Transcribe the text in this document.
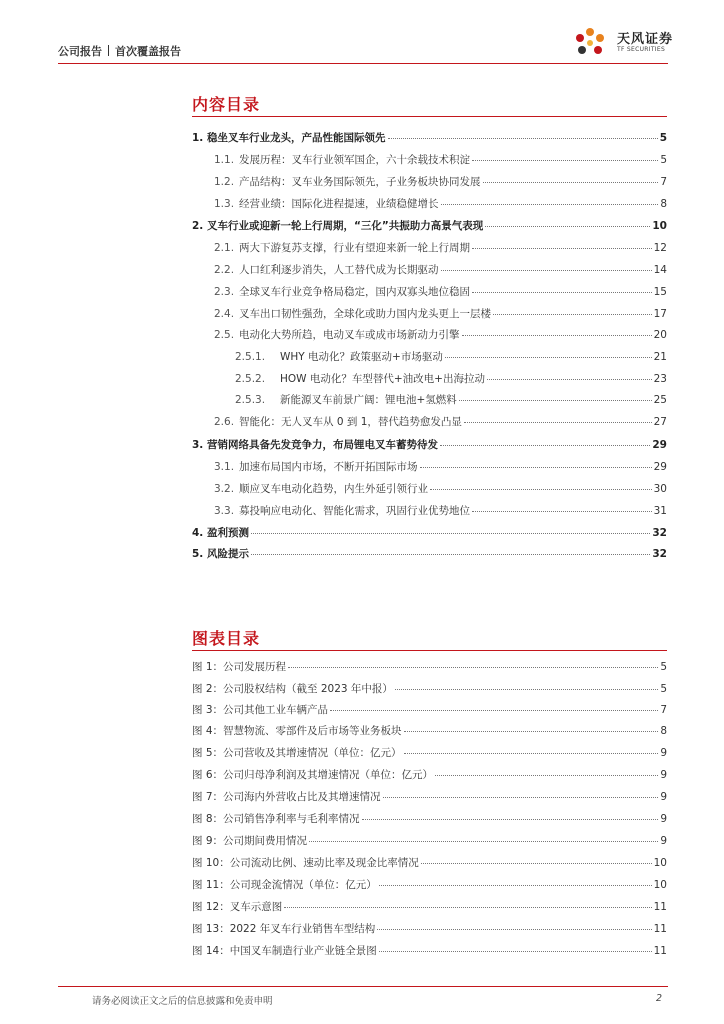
公司报告 首次覆盖报告
天风证券
TF SECURITIES
内容目录
1. 稳坐叉车行业龙头，产品性能国际领先	5
1.1. 发展历程：叉车行业领军国企，六十余载技术积淀	5
1.2. 产品结构：叉车业务国际领先，子业务板块协同发展	7
1.3. 经营业绩：国际化进程提速，业绩稳健增长	8
2. 叉车行业或迎新一轮上行周期，“三化”共振助力高景气表现	10
2.1. 两大下游复苏支撑，行业有望迎来新一轮上行周期	12
2.2. 人口红利逐步消失，人工替代成为长期驱动	14
2.3. 全球叉车行业竞争格局稳定，国内双寡头地位稳固	15
2.4. 叉车出口韧性强劲，全球化或助力国内龙头更上一层楼	17
2.5. 电动化大势所趋，电动叉车或成市场新动力引擎	20
2.5.1.	WHY 电动化？政策驱动+市场驱动	21
2.5.2.	HOW 电动化？车型替代+油改电+出海拉动	23
2.5.3.	新能源叉车前景广阔：锂电池+氢燃料	25
2.6. 智能化：无人叉车从 0 到 1，替代趋势愈发凸显	27
3. 营销网络具备先发竞争力，布局锂电叉车蓄势待发	29
3.1. 加速布局国内市场，不断开拓国际市场	29
3.2. 顺应叉车电动化趋势，内生外延引领行业	30
3.3. 募投响应电动化、智能化需求，巩固行业优势地位	31
4. 盈利预测	32
5. 风险提示	32
图表目录
图 1：公司发展历程	5
图 2：公司股权结构（截至 2023 年中报）	5
图 3：公司其他工业车辆产品	7
图 4：智慧物流、零部件及后市场等业务板块	8
图 5：公司营收及其增速情况（单位：亿元）	9
图 6：公司归母净利润及其增速情况（单位：亿元）	9
图 7：公司海内外营收占比及其增速情况	9
图 8：公司销售净利率与毛利率情况	9
图 9：公司期间费用情况	9
图 10：公司流动比例、速动比率及现金比率情况	10
图 11：公司现金流情况（单位：亿元）	10
图 12：叉车示意图	11
图 13：2022 年叉车行业销售车型结构	11
图 14：中国叉车制造行业产业链全景图	11
请务必阅读正文之后的信息披露和免责申明	2
